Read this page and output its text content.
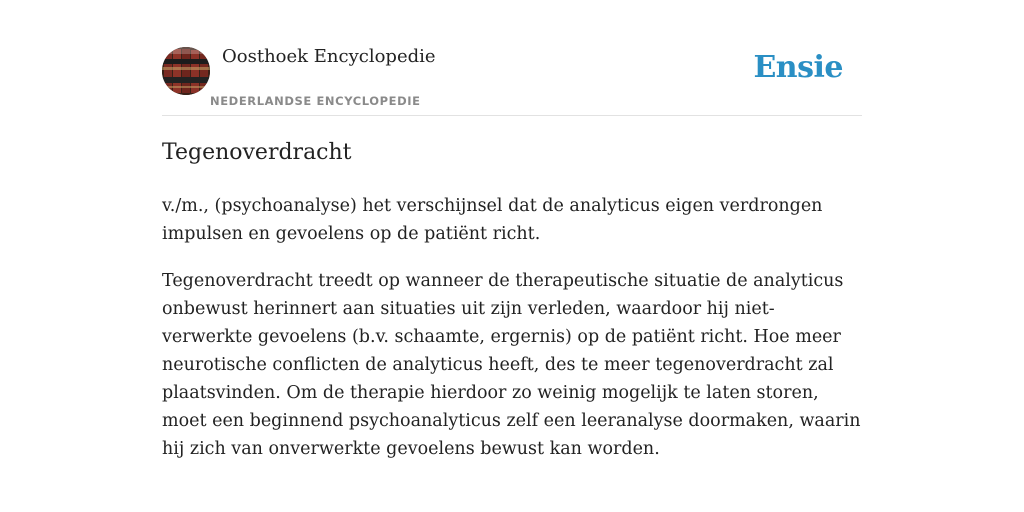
Oosthoek Encyclopedie
NEDERLANDSE ENCYCLOPEDIE
Ensie
Tegenoverdracht

v./m., (psychoanalyse) het verschijnsel dat de analyticus eigen verdrongen impulsen en gevoelens op de patiënt richt.

Tegenoverdracht treedt op wanneer de therapeutische situatie de analyticus onbewust herinnert aan situaties uit zijn verleden, waardoor hij niet-verwerkte gevoelens (b.v. schaamte, ergernis) op de patiënt richt. Hoe meer neurotische conflicten de analyticus heeft, des te meer tegenoverdracht zal plaatsvinden. Om de therapie hierdoor zo weinig mogelijk te laten storen, moet een beginnend psychoanalyticus zelf een leeranalyse doormaken, waarin hij zich van onverwerkte gevoelens bewust kan worden.
